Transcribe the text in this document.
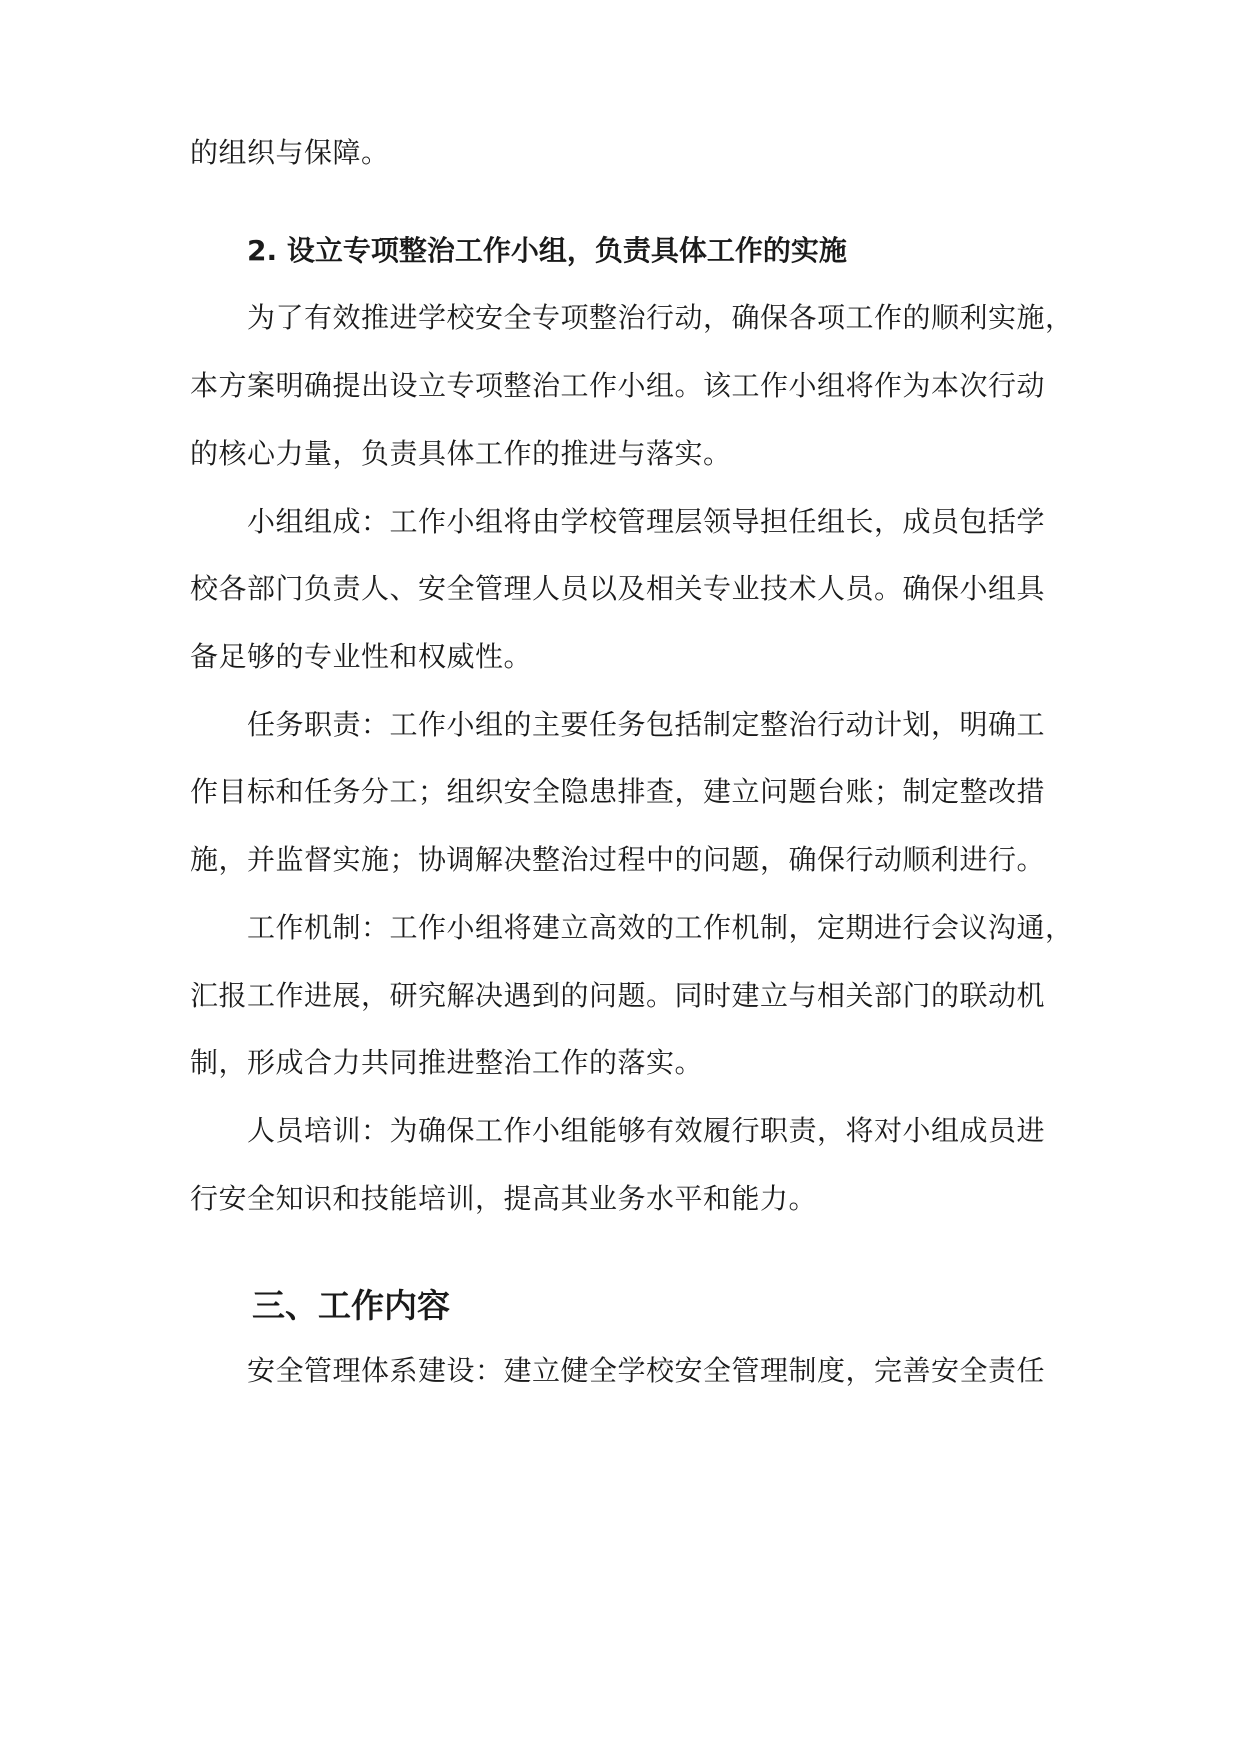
的组织与保障。
2. 设立专项整治工作小组，负责具体工作的实施
为了有效推进学校安全专项整治行动，确保各项工作的顺利实施，
本方案明确提出设立专项整治工作小组。该工作小组将作为本次行动
的核心力量，负责具体工作的推进与落实。
小组组成：工作小组将由学校管理层领导担任组长，成员包括学
校各部门负责人、安全管理人员以及相关专业技术人员。确保小组具
备足够的专业性和权威性。
任务职责：工作小组的主要任务包括制定整治行动计划，明确工
作目标和任务分工；组织安全隐患排查，建立问题台账；制定整改措
施，并监督实施；协调解决整治过程中的问题，确保行动顺利进行。
工作机制：工作小组将建立高效的工作机制，定期进行会议沟通，
汇报工作进展，研究解决遇到的问题。同时建立与相关部门的联动机
制，形成合力共同推进整治工作的落实。
人员培训：为确保工作小组能够有效履行职责，将对小组成员进
行安全知识和技能培训，提高其业务水平和能力。
三、工作内容
安全管理体系建设：建立健全学校安全管理制度，完善安全责任
